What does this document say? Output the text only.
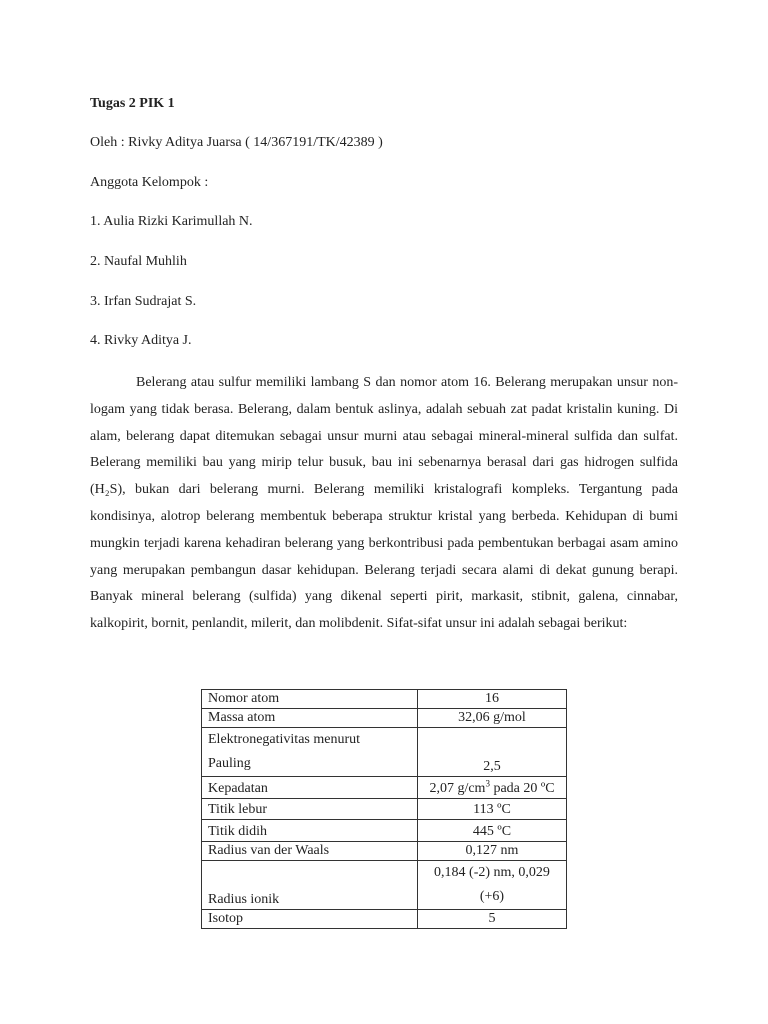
Tugas 2 PIK 1
Oleh : Rivky Aditya Juarsa ( 14/367191/TK/42389 )
Anggota Kelompok :
1. Aulia Rizki Karimullah N.
2. Naufal Muhlih
3. Irfan Sudrajat S.
4. Rivky Aditya J.

Belerang atau sulfur memiliki lambang S dan nomor atom 16. Belerang merupakan unsur non-logam yang tidak berasa. Belerang, dalam bentuk aslinya, adalah sebuah zat padat kristalin kuning. Di alam, belerang dapat ditemukan sebagai unsur murni atau sebagai mineral-mineral sulfida dan sulfat. Belerang memiliki bau yang mirip telur busuk, bau ini sebenarnya berasal dari gas hidrogen sulfida (H₂S), bukan dari belerang murni. Belerang memiliki kristalografi kompleks. Tergantung pada kondisinya, alotrop belerang membentuk beberapa struktur kristal yang berbeda. Kehidupan di bumi mungkin terjadi karena kehadiran belerang yang berkontribusi pada pembentukan berbagai asam amino yang merupakan pembangun dasar kehidupan. Belerang terjadi secara alami di dekat gunung berapi. Banyak mineral belerang (sulfida) yang dikenal seperti pirit, markasit, stibnit, galena, cinnabar, kalkopirit, bornit, penlandit, milerit, dan molibdenit. Sifat-sifat unsur ini adalah sebagai berikut:

Nomor atom	16
Massa atom	32,06 g/mol

Elektronegativitas menurut
Pauling	2,5
Kepadatan	2,07 $g/cm^3$ pada 20 ºC
Titik lebur	113 ºC
Titik didih	445 ºC
Radius van der Waals	0,127 nm
Radius ionik	0,184 (-2) nm, 0,029
(+6)

Isotop	5
